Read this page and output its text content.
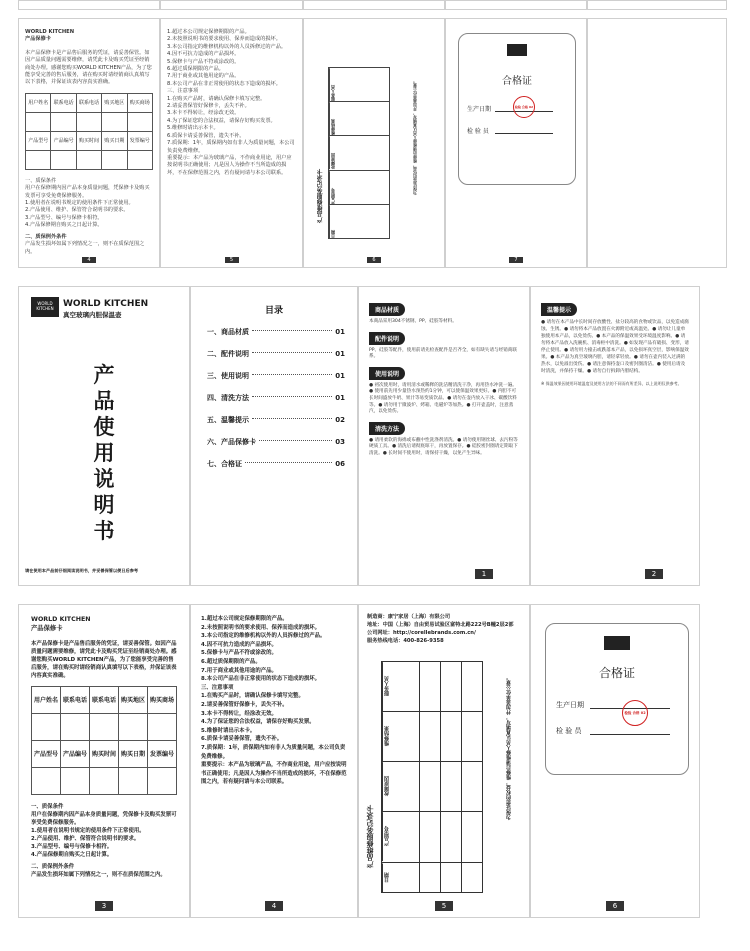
WORLD KITCHEN
产品保修卡
本产品保修卡是产品售后服务的凭证，请妥善保管。如因产品质量问题需要维修，请凭此卡及购买凭证至经销商处办理。感谢您购买WORLD KITCHEN产品，为了您能享受完善的售后服务，请在购买时请经销商认真填写以下表格，并保证该表内容真实准确。
用户姓名	联系电话	联系电话	购买地区	购买商场

产品型号	产品编号	购买时间	购买日期	发票编号

一、质保条件
用户在保修期内因产品本身质量问题，凭保修卡及购买发票可享受免费保修服务。
1.使用者在说明书规定的使用条件下正常使用。
2.产品使用、维护、保管符合说明书的要求。
3.产品型号、编号与保修卡相符。
4.产品保修期自购买之日起计算。
二、质保例外条件
产品发生损坏如属下列情况之一，则不在质保范围之内。
4
1.超过本公司规定保修期限的产品。
2.未按照说明书的要求使用、保养而造成的损坏。
3.本公司指定的维修机构以外的人员拆修过的产品。
4.因不可抗力造成的产品损坏。
5.保修卡与产品不符或涂改的。
6.超过质保期限的产品。
7.用于商业或其他用途的产品。
8.本公司产品在非正常使用的状态下造成的损坏。
三、注意事项
1.在购买产品时，请确认保修卡填写完整。
2.请妥善保管好保修卡，丢失不补。
3.本卡不得转让，经涂改无效。
4.为了保证您的合法权益，请保存好购买发票。
5.维修时请出示本卡。
6.质保卡请妥善保管，遗失不补。
7.质保期：1年，质保期内如有非人为质量问题，本公司负责免费维修。
重要提示：本产品为玻璃产品，不作商业用途，用户应按说明书正确使用；凡是因人为操作不当所造成的损坏，不在保修范围之内，若有疑问请与本公司联系。
5
服务人员
维修结果
故障原因
产品型号
日期
产品维修服务记录卡
为保证您的权益，维修后请维修人员认真填写，并加盖单位公章。
6
合格证
生产日期
检 验 员
检验 合格 02
7
WORLD
KITCHEN	WORLD KITCHEN
真空玻璃内胆保温壶
产
品
使
用
说
明
书
请在使用本产品前仔细阅读说明书，并妥善保管以便日后参考
目录
一、商品材质	01
二、配件说明	01
三、使用说明	01
四、清洗方法	01
五、温馨提示	02
六、产品保修卡	03
七、合格证	06
商品材质
本商品采用304不锈钢、PP、硅胶等材料。
配件说明
PP、硅胶等配件，使用前请先检查配件是否齐全，如有缺失请与经销商联系。
使用说明
● 初次使用时，请用清水或稀释的洗洁精清洗干净，再用热水冲洗一遍。● 使用前先用少量热水预热约1分钟，可以使保温效果更好。● 内胆不可长时间盛放牛奶、果汁等易变质饮品。● 请勿在壶内放入干冰、碳酸饮料等。● 请勿用于微波炉、烤箱、电磁炉等加热。● 打开壶盖时，注意蒸汽，以免烫伤。
清洗方法
● 请用柔软的海绵或布蘸中性洗涤剂清洗。● 请勿使用钢丝球、去污粉等硬质工具。● 清洗后请彻底晾干，再放置保存。● 硅胶密封圈请定期取下清洗。● 长时间不使用时，请保持干燥，以免产生异味。
1
温馨提示
● 请勿在本产品中长时间存放酸性、盐分较高的食物或饮品，以免造成腐蚀、生锈。● 请勿将本产品放置在火源附近或高温处。● 请勿让儿童单独使用本产品，以免烫伤。● 本产品的保温效果受环境温度影响。● 请勿将本产品放入洗碗机、消毒柜中清洗。● 如发现产品有破损、变形，请停止使用。● 请勿用力撞击或跌落本产品，以免损坏真空层，影响保温效果。● 本产品为真空玻璃内胆，请轻拿轻放。● 请勿在壶内装入过满的热水，以免溢出烫伤。● 请注意保持壶口及密封圈清洁。● 使用后请及时清洗，并保持干燥。● 请勿自行拆卸内胆结构。
※ 保温效果因使用环境温度及使用方法的不同而有所差异，以上说明仅供参考。
2
WORLD KITCHEN
产品保修卡
本产品保修卡是产品售后服务的凭证，请妥善保管。如因产品质量问题需要维修，请凭此卡及购买凭证至经销商处办理。感谢您购买WORLD KITCHEN产品，为了您能享受完善的售后服务，请在购买时请经销商认真填写以下表格，并保证该表内容真实准确。
用户姓名	联系电话	联系电话	购买地区	购买商场

产品型号	产品编号	购买时间	购买日期	发票编号

一、质保条件
用户在保修期内因产品本身质量问题，凭保修卡及购买发票可享受免费保修服务。
1.使用者在说明书规定的使用条件下正常使用。
2.产品使用、维护、保管符合说明书的要求。
3.产品型号、编号与保修卡相符。
4.产品保修期自购买之日起计算。
二、质保例外条件
产品发生损坏如属下列情况之一，则不在质保范围之内。
3
1.超过本公司规定保修期限的产品。
2.未按照说明书的要求使用、保养而造成的损坏。
3.本公司指定的维修机构以外的人员拆修过的产品。
4.因不可抗力造成的产品损坏。
5.保修卡与产品不符或涂改的。
6.超过质保期限的产品。
7.用于商业或其他用途的产品。
8.本公司产品在非正常使用的状态下造成的损坏。
三、注意事项
1.在购买产品时，请确认保修卡填写完整。
2.请妥善保管好保修卡，丢失不补。
3.本卡不得转让，经涂改无效。
4.为了保证您的合法权益，请保存好购买发票。
5.维修时请出示本卡。
6.质保卡请妥善保管，遗失不补。
7.质保期：1年，质保期内如有非人为质量问题，本公司负责免费维修。
重要提示：本产品为玻璃产品，不作商业用途，用户应按说明书正确使用；凡是因人为操作不当所造成的损坏，不在保修范围之内，若有疑问请与本公司联系。
4
制造商：康宁家居（上海）有限公司
地址：中国（上海）自由贸易试验区富特北路222号B幢2层2部
公司网址：http://corellebrands.com.cn/
服务热线电话：400-826-9358
服务人员
维修结果
故障原因
产品型号
日期
产品维修服务记录卡
为保证您的权益，维修后请维修人员认真填写，并加盖单位公章。
5
合格证
生产日期
检 验 员
检验 合格 02
6
